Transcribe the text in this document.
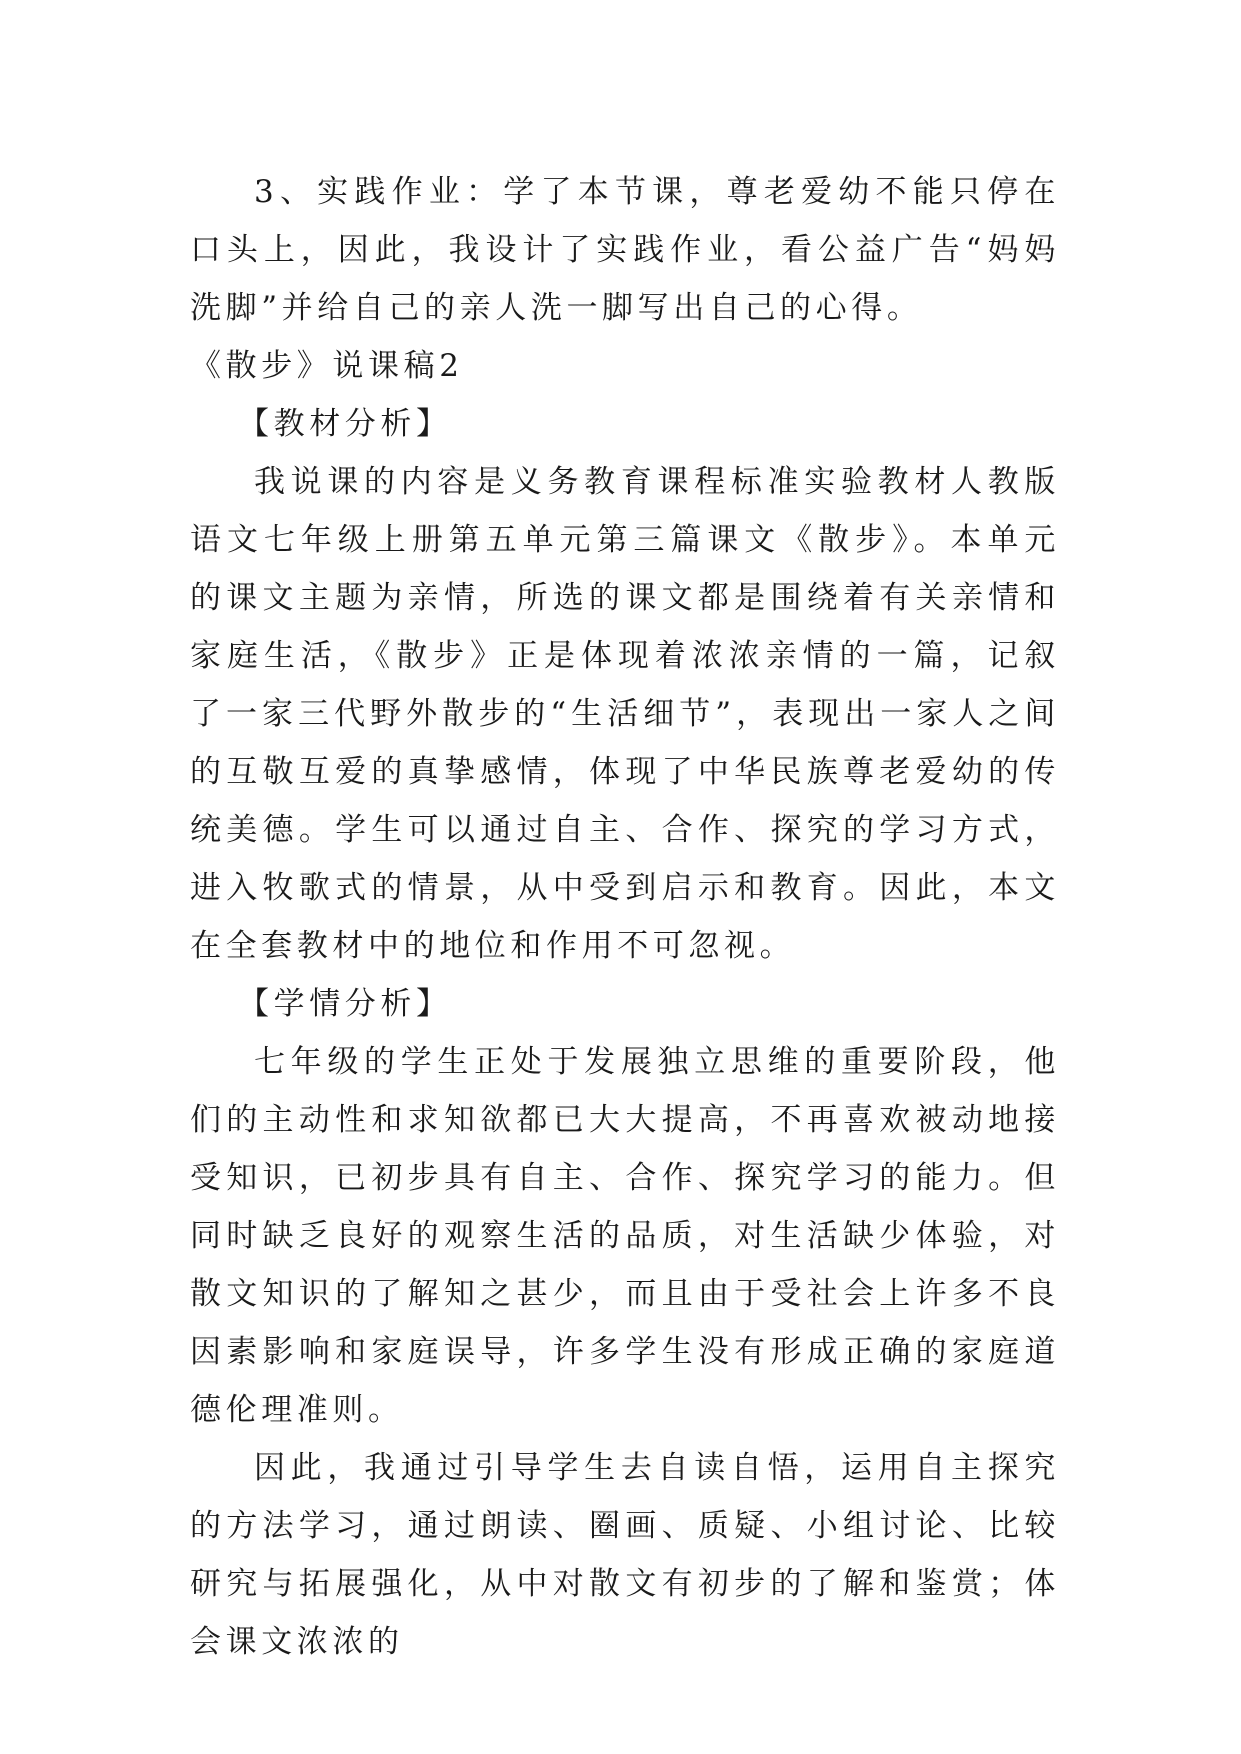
3、实践作业：学了本节课，尊老爱幼不能只停在口头上，因此，我设计了实践作业，看公益广告“妈妈洗脚”并给自己的亲人洗一脚写出自己的心得。

《散步》说课稿2

【教材分析】

我说课的内容是义务教育课程标准实验教材人教版语文七年级上册第五单元第三篇课文《散步》。本单元的课文主题为亲情，所选的课文都是围绕着有关亲情和家庭生活，《散步》正是体现着浓浓亲情的一篇，记叙了一家三代野外散步的“生活细节”，表现出一家人之间的互敬互爱的真挚感情，体现了中华民族尊老爱幼的传统美德。学生可以通过自主、合作、探究的学习方式，进入牧歌式的情景，从中受到启示和教育。因此，本文在全套教材中的地位和作用不可忽视。

【学情分析】

七年级的学生正处于发展独立思维的重要阶段，他们的主动性和求知欲都已大大提高，不再喜欢被动地接受知识，已初步具有自主、合作、探究学习的能力。但同时缺乏良好的观察生活的品质，对生活缺少体验，对散文知识的了解知之甚少，而且由于受社会上许多不良因素影响和家庭误导，许多学生没有形成正确的家庭道德伦理准则。

因此，我通过引导学生去自读自悟，运用自主探究的方法学习，通过朗读、圈画、质疑、小组讨论、比较研究与拓展强化，从中对散文有初步的了解和鉴赏；体会课文浓浓的
